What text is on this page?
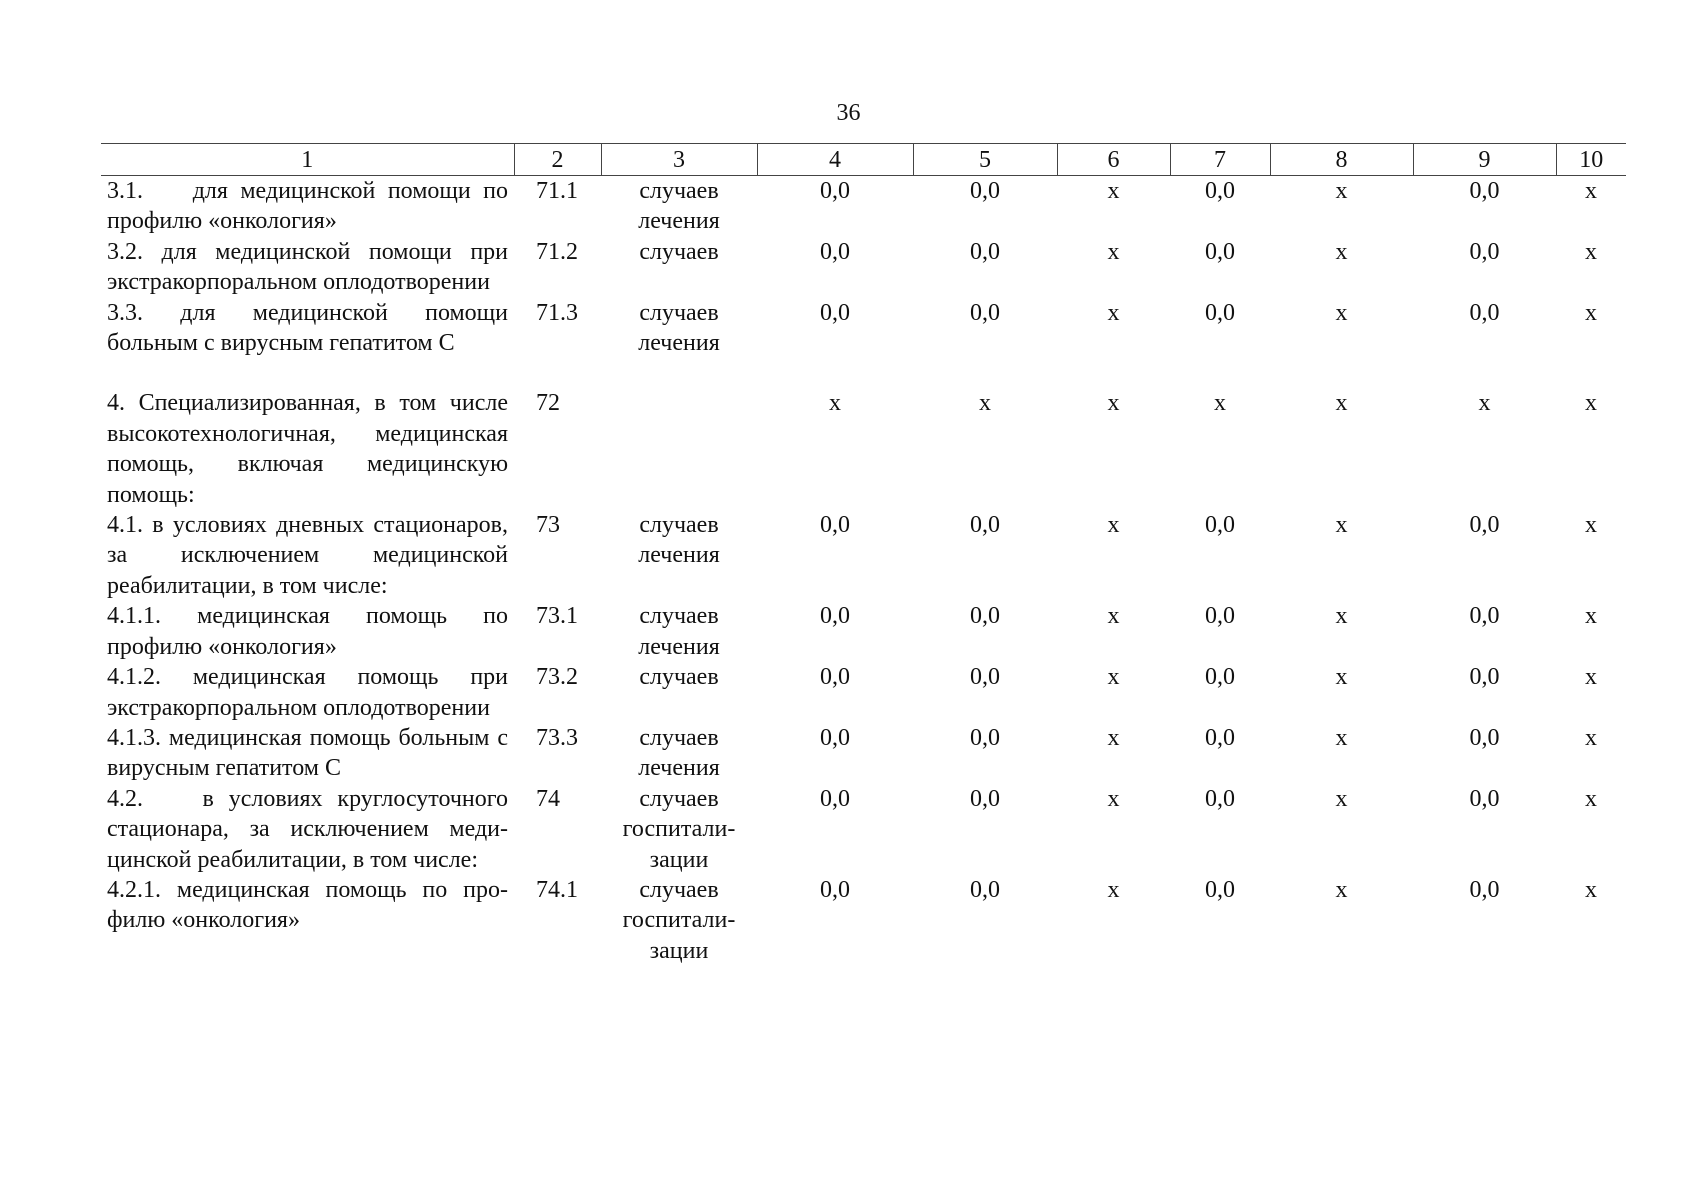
36
1	2	3	4	5	6	7	8	9	10
3.1.    для медицинской помощи по профилю «онкология»	71.1	случаев лечения	0,0	0,0	х	0,0	х	0,0	х
3.2. для медицинской помощи при экстракорпоральном оплодотворении	71.2	случаев	0,0	0,0	х	0,0	х	0,0	х
3.3. для медицинской помощи больным с вирусным гепатитом С	71.3	случаев лечения	0,0	0,0	х	0,0	х	0,0	х
4. Специализированная, в том числе высокотехнологичная, медицинская помощь, включая медицинскую помощь:	72		х	х	х	х	х	х	х
4.1. в условиях дневных стационаров, за исключением медицинской реабилитации, в том числе:	73	случаев лечения	0,0	0,0	х	0,0	х	0,0	х
4.1.1. медицинская помощь по профилю «онкология»	73.1	случаев лечения	0,0	0,0	х	0,0	х	0,0	х
4.1.2. медицинская помощь при экстракорпоральном оплодотворении	73.2	случаев	0,0	0,0	х	0,0	х	0,0	х
4.1.3. медицинская помощь больным с вирусным гепатитом С	73.3	случаев лечения	0,0	0,0	х	0,0	х	0,0	х
4.2.    в условиях круглосуточного стационара, за исключением медицинской реабилитации, в том числе:	74	случаев госпитализации	0,0	0,0	х	0,0	х	0,0	х
4.2.1. медицинская помощь по профилю «онкология»	74.1	случаев госпитализации	0,0	0,0	х	0,0	х	0,0	х
